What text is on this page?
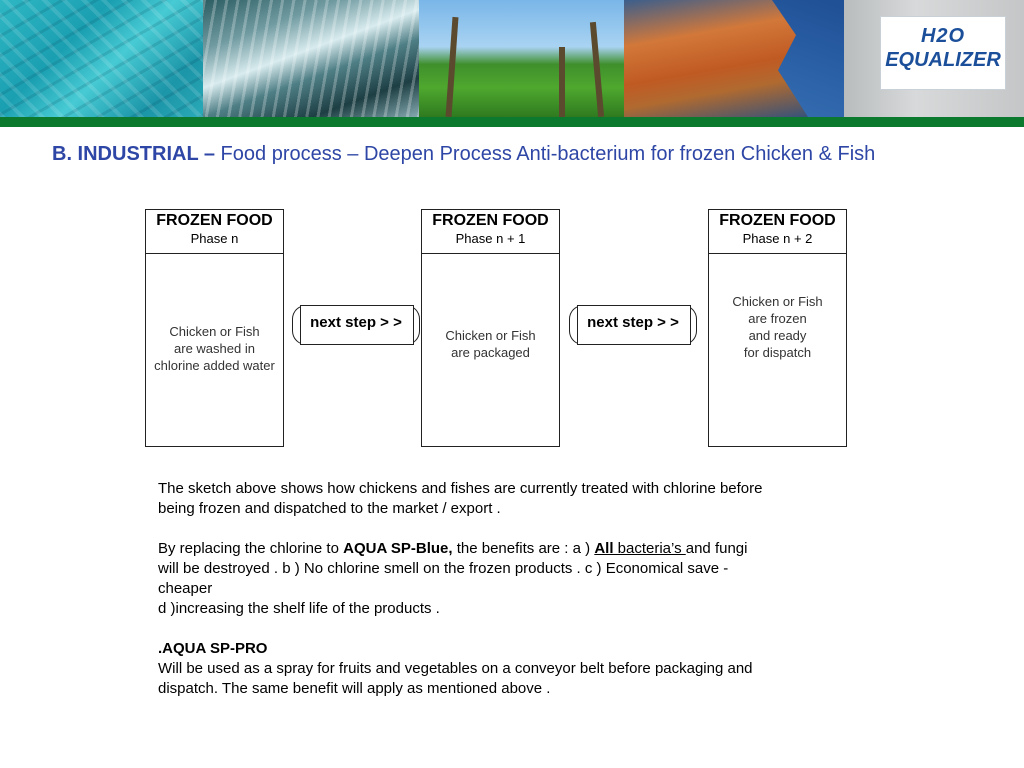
H2O
EQUALIZER
B. INDUSTRIAL – Food process – Deepen Process Anti-bacterium for frozen Chicken & Fish
FROZEN FOOD
Phase n
Chicken or Fish
are washed in
chlorine added water
FROZEN FOOD
Phase n + 1
Chicken or Fish
are packaged
FROZEN FOOD
Phase n + 2
Chicken or Fish
are frozen
and ready
for dispatch
next step > >	next step > >
The sketch above shows how chickens and fishes are currently treated with chlorine before
being frozen and dispatched to the market / export .
By replacing the chlorine to AQUA SP-Blue, the benefits are : a ) All bacteria’s and fungi
will be destroyed . b ) No chlorine smell on the frozen products . c ) Economical save -
cheaper
d )increasing the shelf life of the products .
.AQUA SP-PRO
Will be used as a spray for fruits and vegetables on a conveyor belt before packaging and
dispatch. The same benefit will apply as mentioned above .
